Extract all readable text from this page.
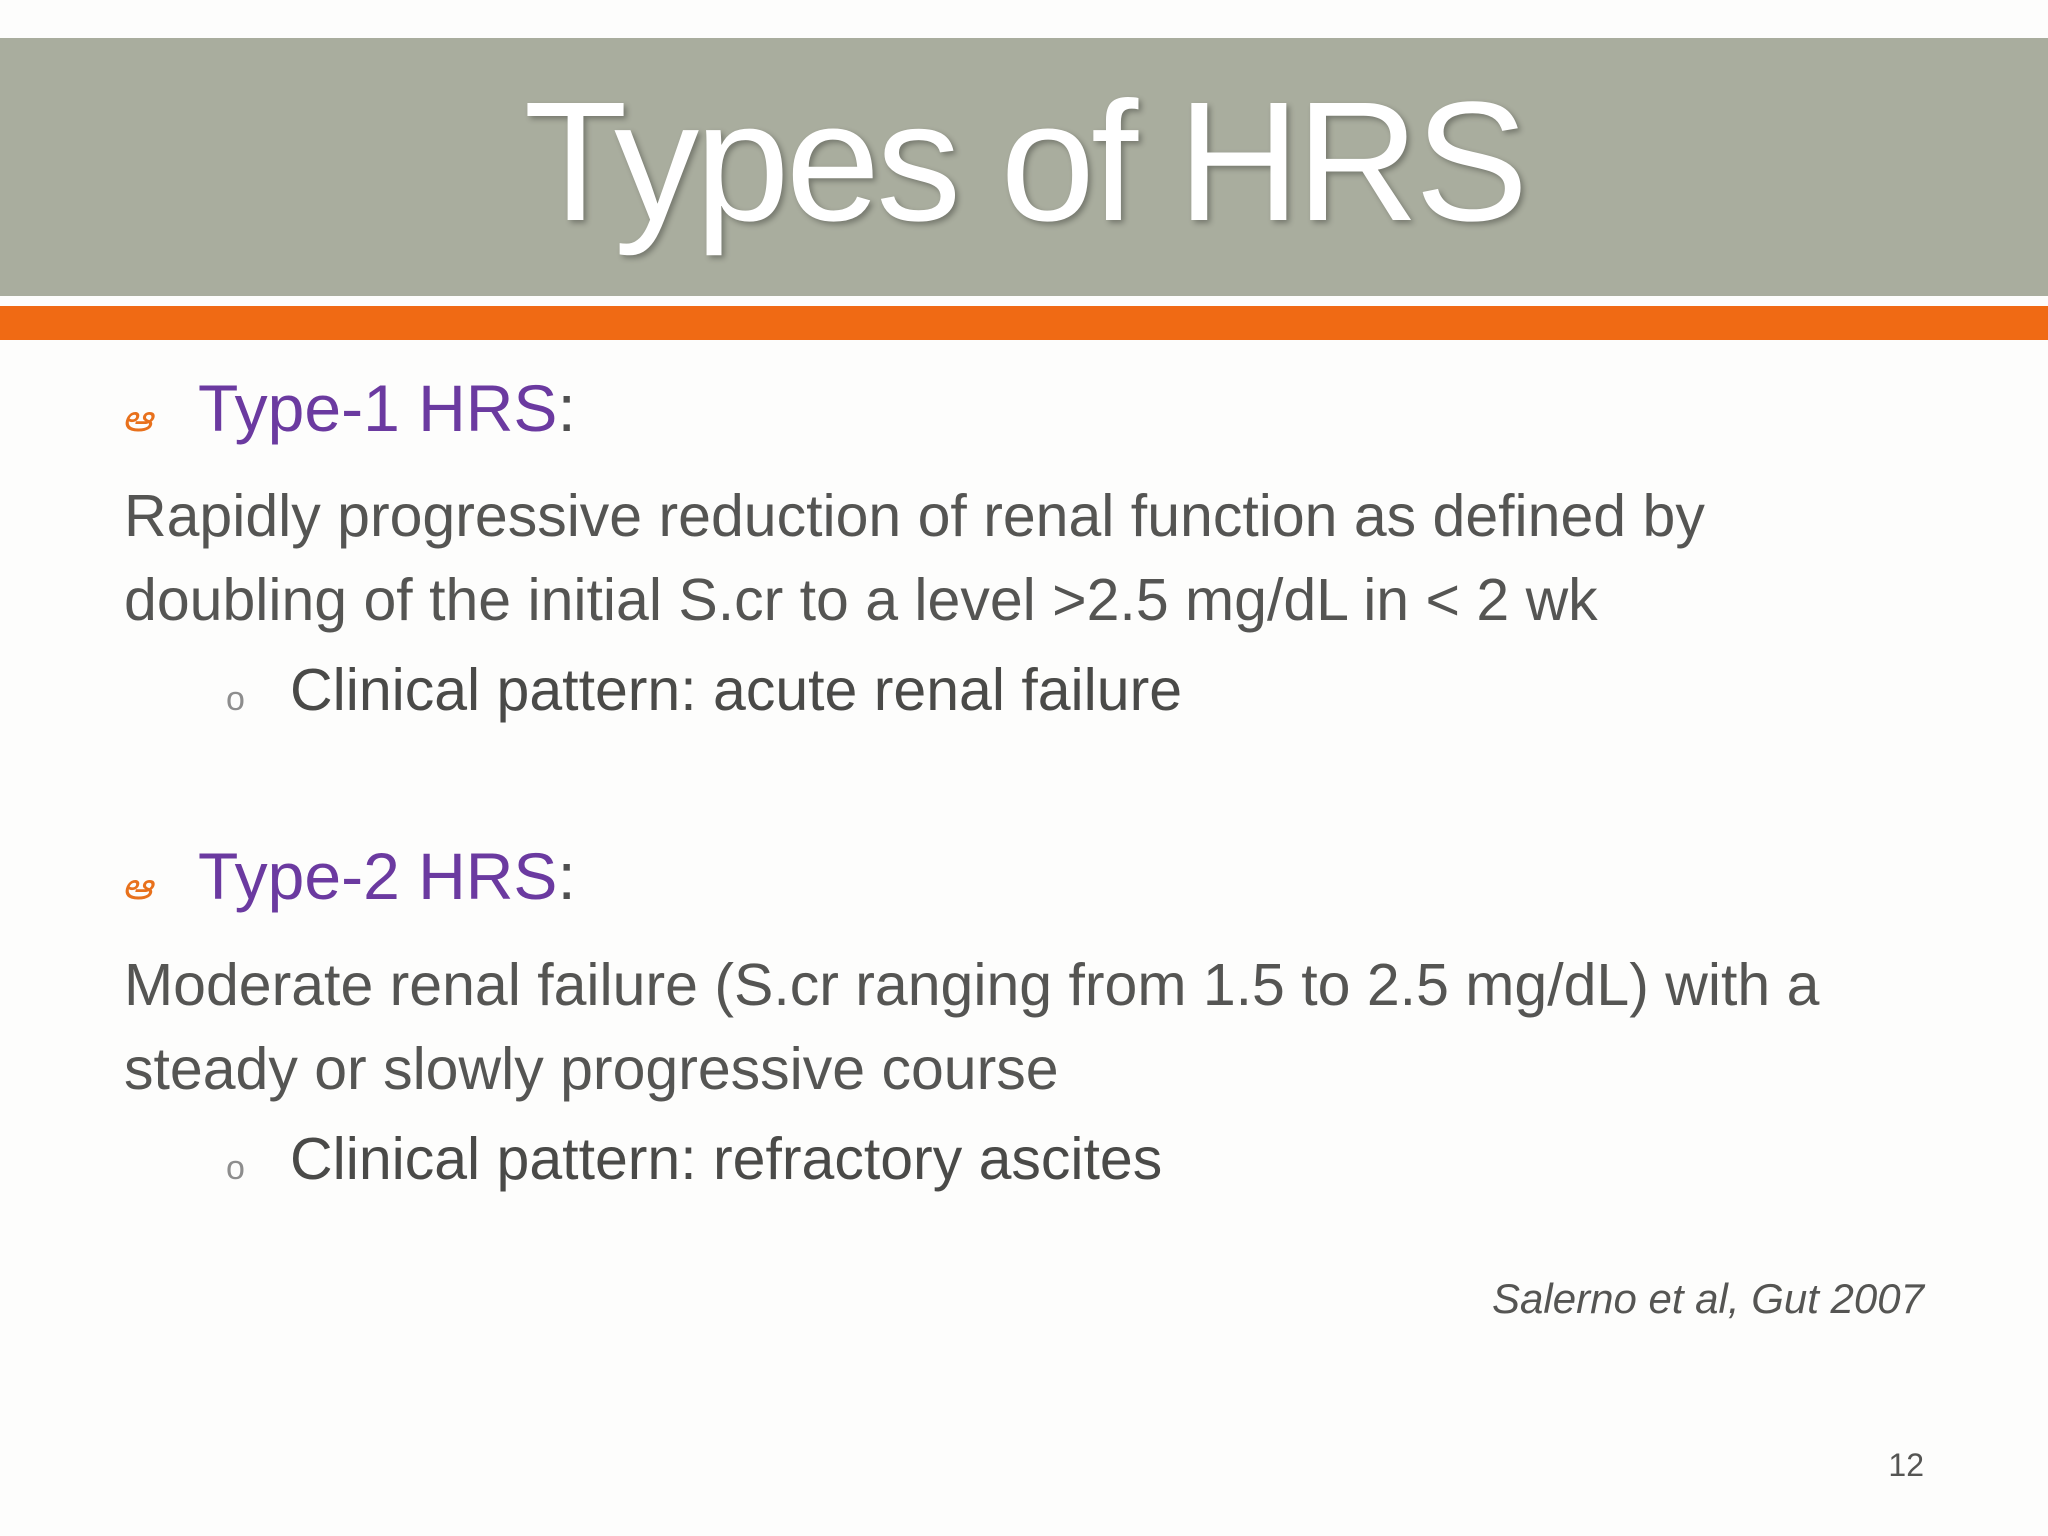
Types of HRS
ఆ Type-1 HRS :
Rapidly progressive reduction of renal function as defined by doubling of the initial S.cr to a level >2.5 mg/dL in < 2 wk
o Clinical pattern: acute renal failure
ఆ Type-2 HRS :
Moderate renal failure (S.cr ranging from 1.5 to 2.5 mg/dL) with a steady or slowly progressive course
o Clinical pattern: refractory ascites
Salerno et al, Gut 2007
12
